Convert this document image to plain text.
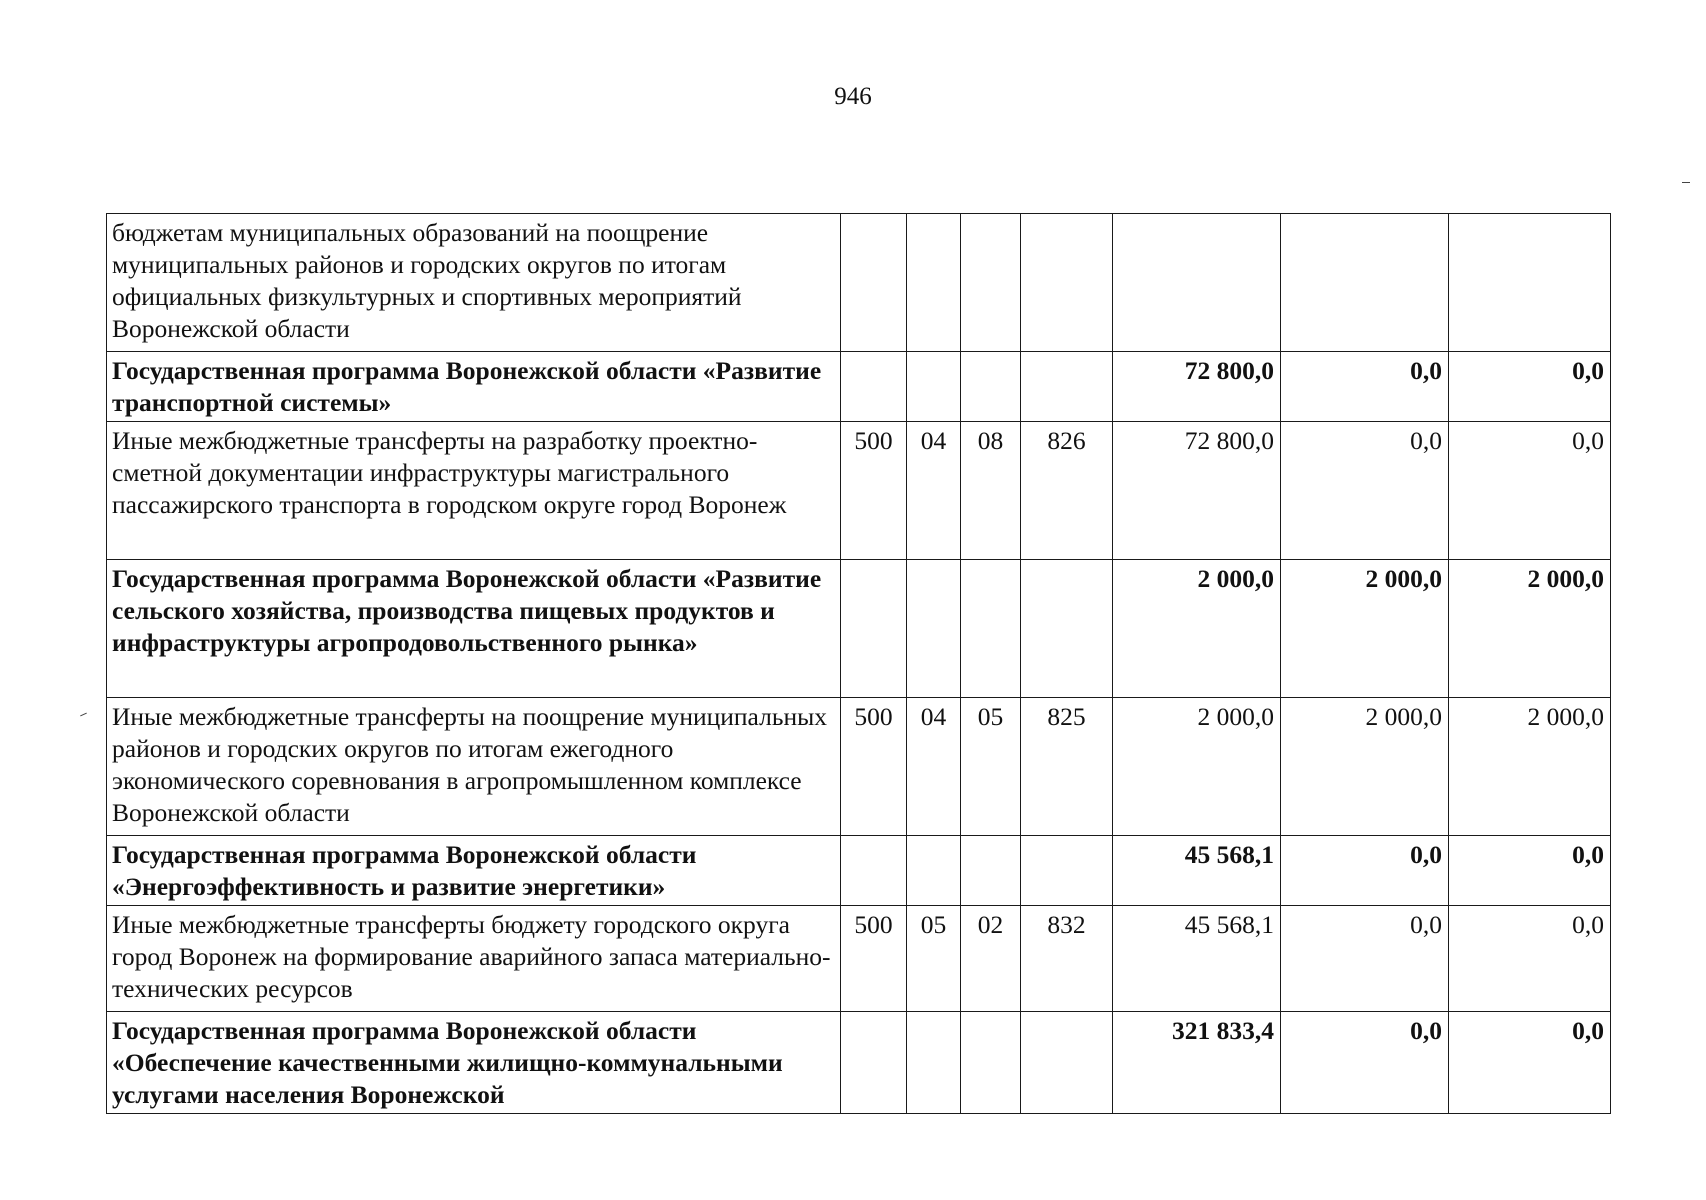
946
бюджетам муниципальных образований на поощрение муниципальных районов и городских округов по итогам официальных физкультурных и спортивных мероприятий Воронежской области							
Государственная программа Воронежской области «Развитие транспортной системы»					72 800,0	0,0	0,0
Иные межбюджетные трансферты на разработку проектно-сметной документации инфраструктуры магистрального пассажирского транспорта в городском округе город Воронеж	500	04	08	826	72 800,0	0,0	0,0
Государственная программа Воронежской области «Развитие сельского хозяйства, производства пищевых продуктов и инфраструктуры агропродовольственного рынка»					2 000,0	2 000,0	2 000,0
Иные межбюджетные трансферты на поощрение муниципальных районов и городских округов по итогам ежегодного экономического соревнования в агропромышленном комплексе Воронежской области	500	04	05	825	2 000,0	2 000,0	2 000,0
Государственная программа Воронежской области «Энергоэффективность и развитие энергетики»					45 568,1	0,0	0,0
Иные межбюджетные трансферты бюджету городского округа город Воронеж на формирование аварийного запаса материально-технических ресурсов	500	05	02	832	45 568,1	0,0	0,0
Государственная программа Воронежской области «Обеспечение качественными жилищно-коммунальными услугами населения Воронежской					321 833,4	0,0	0,0
